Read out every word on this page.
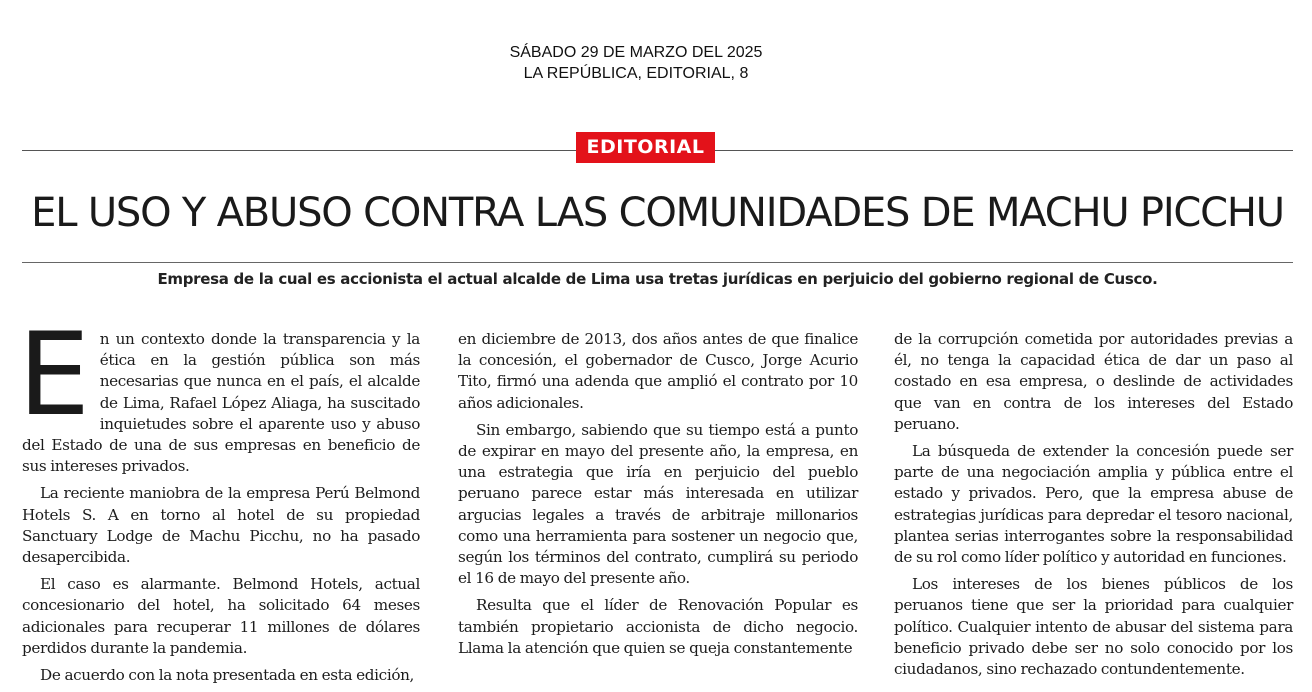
SÁBADO 29 DE MARZO DEL 2025
LA REPÚBLICA, EDITORIAL, 8
EDITORIAL
EL USO Y ABUSO CONTRA LAS COMUNIDADES DE MACHU PICCHU
Empresa de la cual es accionista el actual alcalde de Lima usa tretas jurídicas en perjuicio del gobierno regional de Cusco.

En un contexto donde la transparencia y la ética en la gestión pública son más necesarias que nunca en el país, el alcalde de Lima, Rafael López Aliaga, ha suscitado inquietudes sobre el aparente uso y abuso del Estado de una de sus empresas en beneficio de sus intereses privados.

La reciente maniobra de la empresa Perú Belmond Hotels S. A en torno al hotel de su propiedad Sanctuary Lodge de Machu Picchu, no ha pasado desapercibida.

El caso es alarmante. Belmond Hotels, actual concesionario del hotel, ha solicitado 64 meses adicionales para recuperar 11 millones de dólares perdidos durante la pandemia.

De acuerdo con la nota presentada en esta edición,

en diciembre de 2013, dos años antes de que finalice la concesión, el gobernador de Cusco, Jorge Acurio Tito, firmó una adenda que amplió el contrato por 10 años adicionales.

Sin embargo, sabiendo que su tiempo está a punto de expirar en mayo del presente año, la empresa, en una estrategia que iría en perjuicio del pueblo peruano parece estar más interesada en utilizar argucias legales a través de arbitraje millonarios como una herramienta para sostener un negocio que, según los términos del contrato, cumplirá su periodo el 16 de mayo del presente año.

Resulta que el líder de Renovación Popular es también propietario accionista de dicho negocio. Llama la atención que quien se queja constantemente

de la corrupción cometida por autoridades previas a él, no tenga la capacidad ética de dar un paso al costado en esa empresa, o deslinde de actividades que van en contra de los intereses del Estado peruano.

La búsqueda de extender la concesión puede ser parte de una negociación amplia y pública entre el estado y privados. Pero, que la empresa abuse de estrategias jurídicas para depredar el tesoro nacional, plantea serias interrogantes sobre la responsabilidad de su rol como líder político y autoridad en funciones.

Los intereses de los bienes públicos de los peruanos tiene que ser la prioridad para cualquier político. Cualquier intento de abusar del sistema para beneficio privado debe ser no solo conocido por los ciudadanos, sino rechazado contundentemente.
